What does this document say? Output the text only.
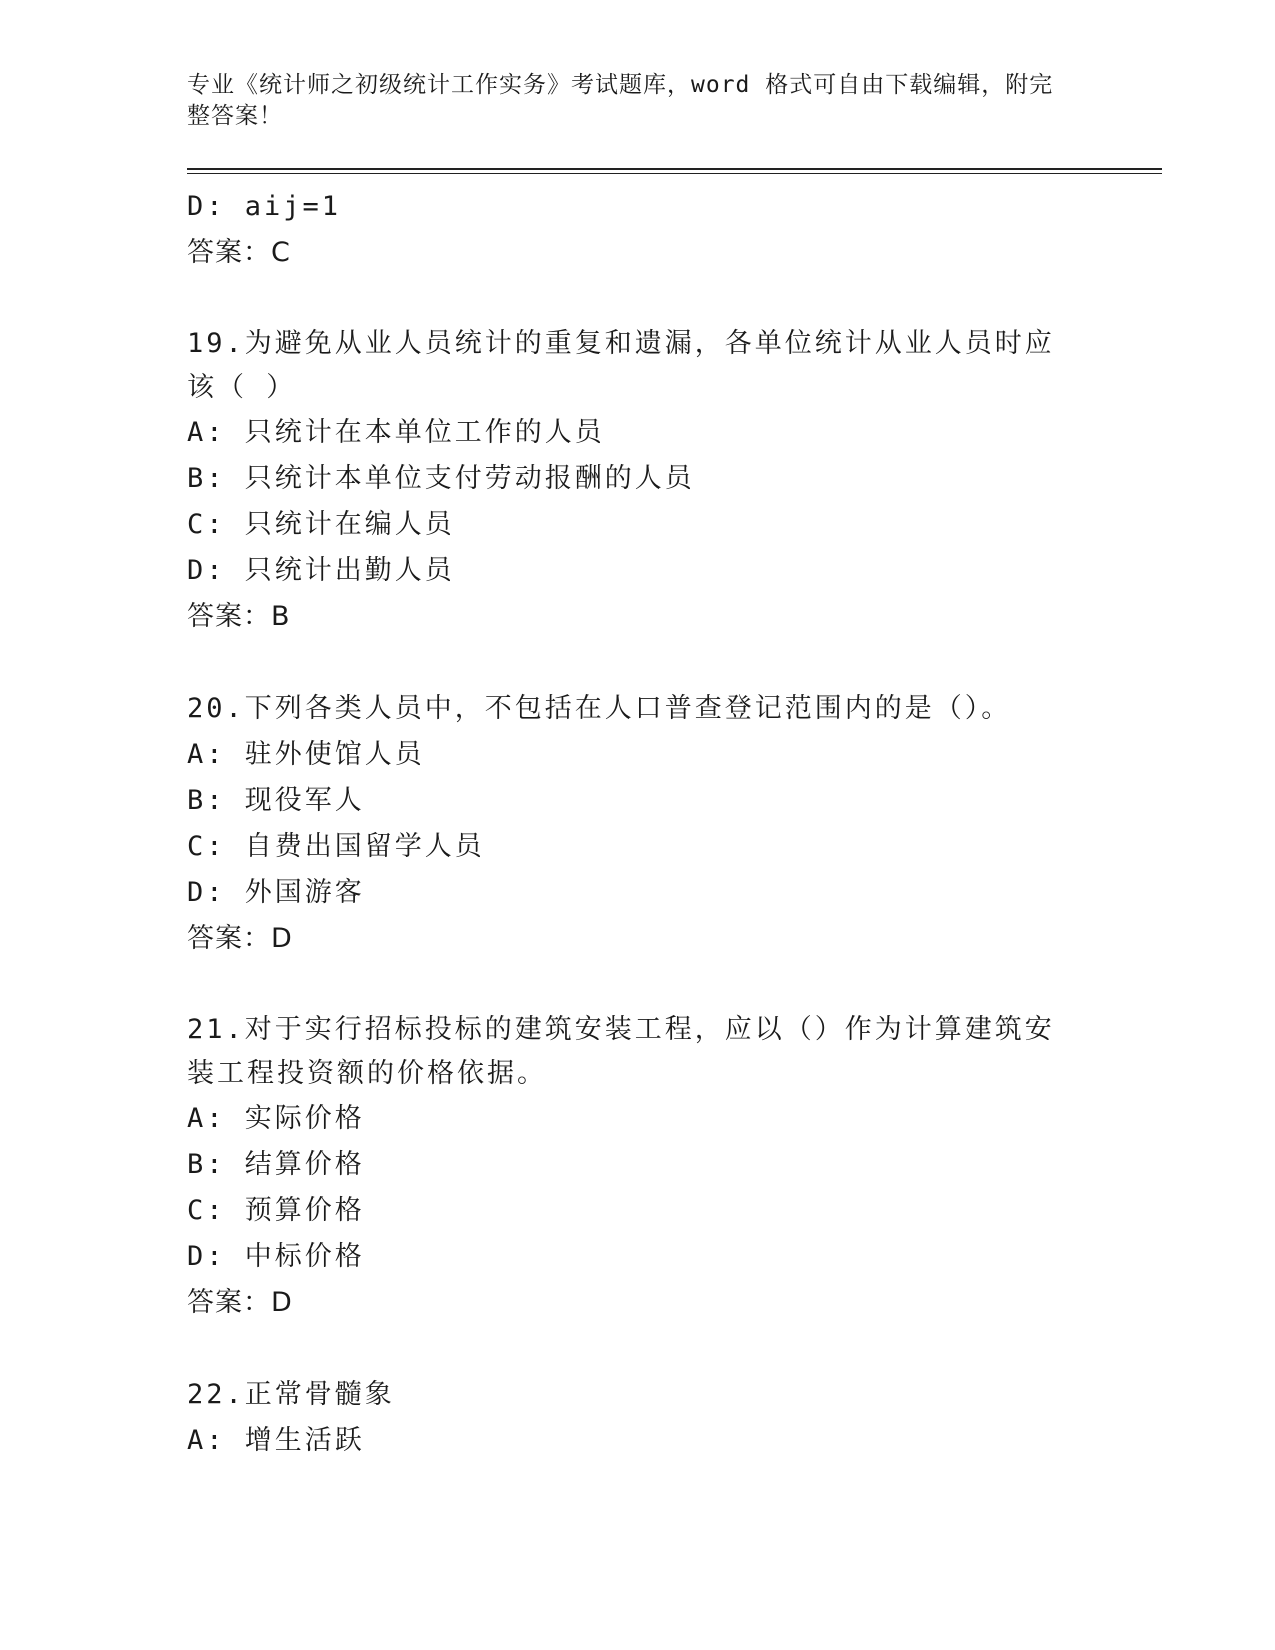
专业《统计师之初级统计工作实务》考试题库，word 格式可自由下载编辑，附完整答案！
D: aij=1
答案：C
19.为避免从业人员统计的重复和遗漏，各单位统计从业人员时应该（ ）
A: 只统计在本单位工作的人员
B: 只统计本单位支付劳动报酬的人员
C: 只统计在编人员
D: 只统计出勤人员
答案：B
20.下列各类人员中，不包括在人口普查登记范围内的是（）。
A: 驻外使馆人员
B: 现役军人
C: 自费出国留学人员
D: 外国游客
答案：D
21.对于实行招标投标的建筑安装工程，应以（）作为计算建筑安装工程投资额的价格依据。
A: 实际价格
B: 结算价格
C: 预算价格
D: 中标价格
答案：D
22.正常骨髓象
A: 增生活跃
